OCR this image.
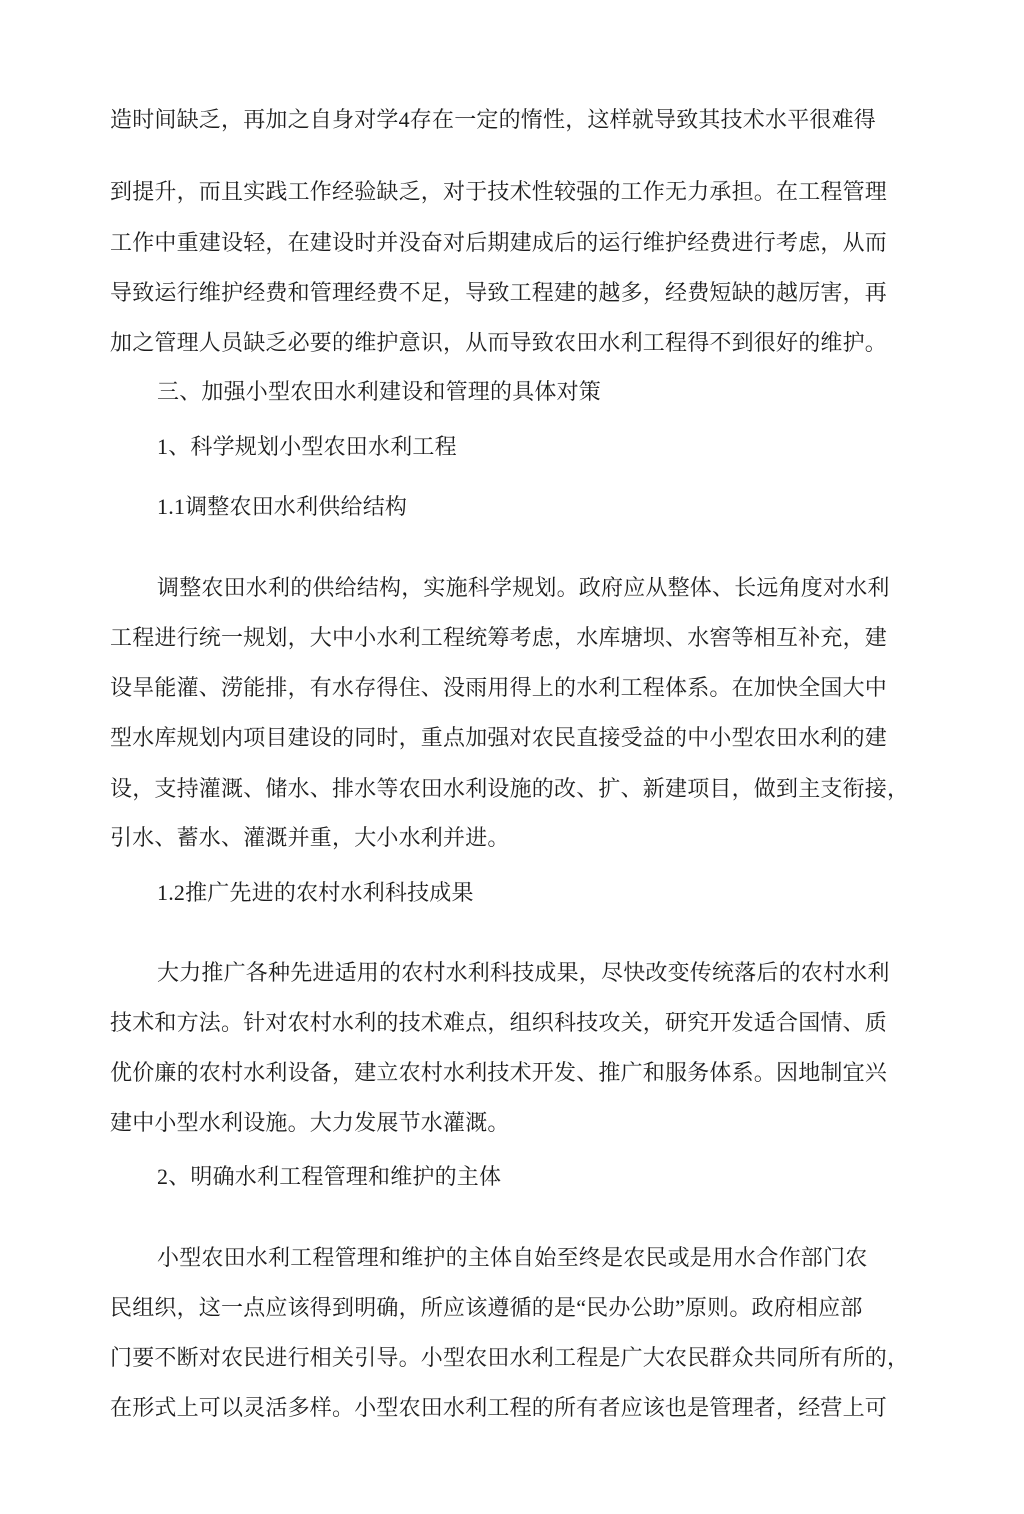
造时间缺乏，再加之自身对学4存在一定的惰性，这样就导致其技术水平很难得
到提升，而且实践工作经验缺乏，对于技术性较强的工作无力承担。在工程管理
工作中重建设轻，在建设时并没奋对后期建成后的运行维护经费进行考虑，从而
导致运行维护经费和管理经费不足，导致工程建的越多，经费短缺的越厉害，再
加之管理人员缺乏必要的维护意识，从而导致农田水利工程得不到很好的维护。
三、加强小型农田水利建设和管理的具体对策
1、科学规划小型农田水利工程
1.1调整农田水利供给结构
调整农田水利的供给结构，实施科学规划。政府应从整体、长远角度对水利
工程进行统一规划，大中小水利工程统筹考虑，水库塘坝、水窖等相互补充，建
设旱能灌、涝能排，有水存得住、没雨用得上的水利工程体系。在加快全国大中
型水库规划内项目建设的同时，重点加强对农民直接受益的中小型农田水利的建
设，支持灌溉、储水、排水等农田水利设施的改、扩、新建项目，做到主支衔接，
引水、蓄水、灌溉并重，大小水利并进。
1.2推广先进的农村水利科技成果
大力推广各种先进适用的农村水利科技成果，尽快改变传统落后的农村水利
技术和方法。针对农村水利的技术难点，组织科技攻关，研究开发适合国情、质
优价廉的农村水利设备，建立农村水利技术开发、推广和服务体系。因地制宜兴
建中小型水利设施。大力发展节水灌溉。
2、明确水利工程管理和维护的主体
小型农田水利工程管理和维护的主体自始至终是农民或是用水合作部门农
民组织，这一点应该得到明确，所应该遵循的是“民办公助”原则。政府相应部
门要不断对农民进行相关引导。小型农田水利工程是广大农民群众共同所有所的，
在形式上可以灵活多样。小型农田水利工程的所有者应该也是管理者，经营上可
